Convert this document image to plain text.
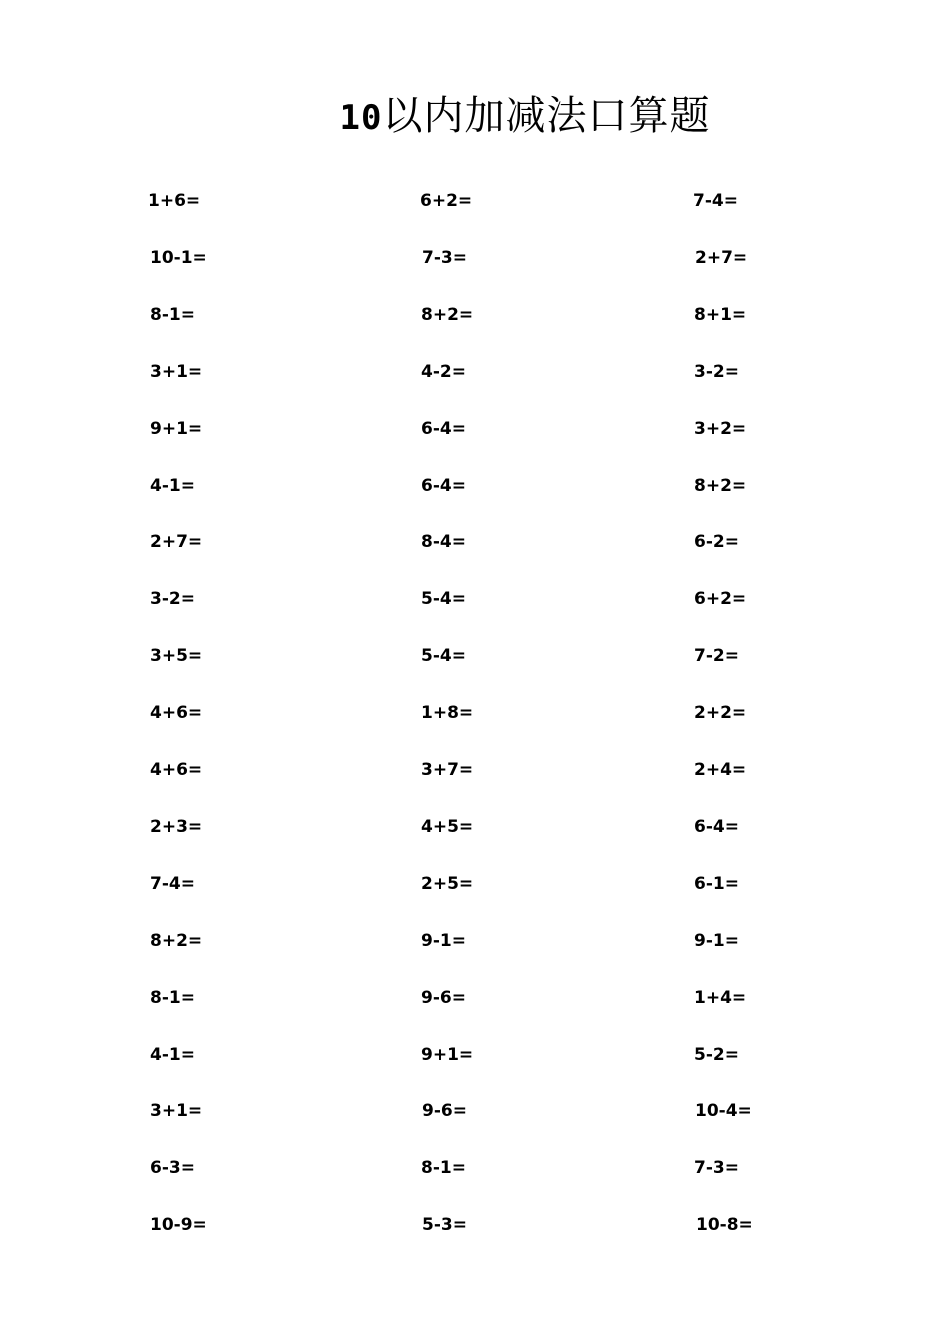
10以内加减法口算题
1+6=
10-1=
8-1=
3+1=
9+1=
4-1=
2+7=
3-2=
3+5=
4+6=
4+6=
2+3=
7-4=
8+2=
8-1=
4-1=
3+1=
6-3=
10-9=
6+2=
7-3=
8+2=
4-2=
6-4=
6-4=
8-4=
5-4=
5-4=
1+8=
3+7=
4+5=
2+5=
9-1=
9-6=
9+1=
9-6=
8-1=
5-3=
7-4=
2+7=
8+1=
3-2=
3+2=
8+2=
6-2=
6+2=
7-2=
2+2=
2+4=
6-4=
6-1=
9-1=
1+4=
5-2=
10-4=
7-3=
10-8=
